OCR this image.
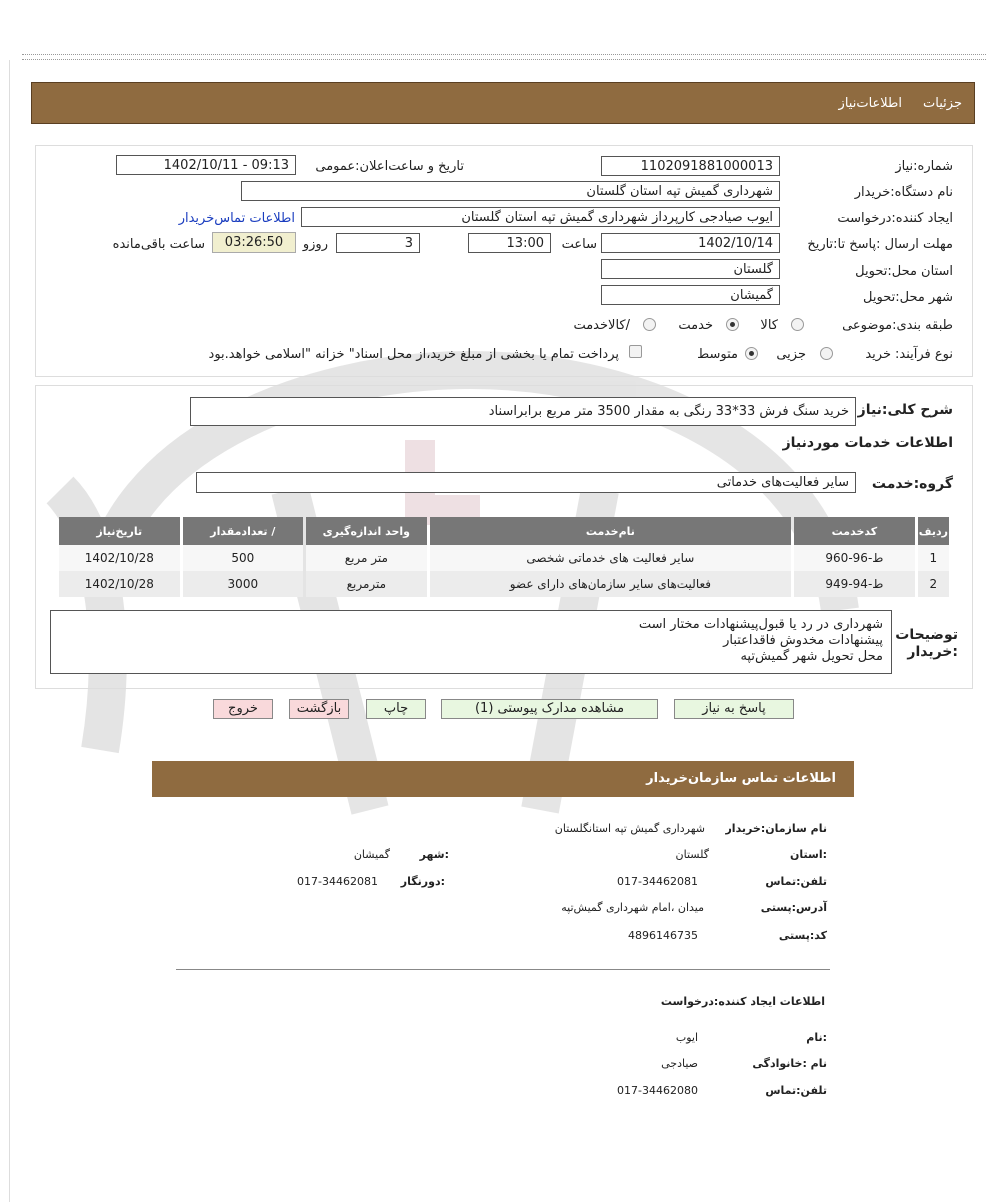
جزئیات
اطلاعات‌نیاز
شماره:نیاز
1102091881000013
تاریخ و ساعت‌اعلان:عمومی
1402/10/11 - 09:13
نام دستگاه:خریدار
شهرداری گمیش تپه استان گلستان
ایجاد کننده:درخواست
ایوب صیادجی کارپرداز شهرداری گمیش تپه استان گلستان
اطلاعات تماس‌خریدار
مهلت ارسال :پاسخ تا:تاریخ
1402/10/14
ساعت
13:00
3
روزو
03:26:50
ساعت باقی‌مانده
استان محل:تحویل
گلستان
شهر محل:تحویل
گمیشان
طبقه بندی:موضوعی
کالا
خدمت
/کالاخدمت
نوع فرآیند:
خرید
جزیی
متوسط
پرداخت تمام یا بخشی از مبلغ خرید،از محل اسناد" خزانه "اسلامی خواهد.بود
شرح کلی:نیاز
خرید سنگ فرش 33*33 رنگی به مقدار 3500 متر مربع برابراسناد
اطلاعات خدمات موردنیاز
گروه:خدمت
سایر فعالیت‌های خدماتی
ردیف	کدخدمت	نام‌خدمت	واحد اندازه‌گیری	/ تعدادمقدار	تاریخ‌نیاز
1	ط-96-960	سایر فعالیت های خدماتی شخصی	متر مربع	500	1402/10/28
2	ط-94-949	فعالیت‌های سایر سازمان‌های دارای عضو	مترمربع	3000	1402/10/28
توضیحات :خریدار
شهرداری در رد یا قبول‌پیشنهادات مختار است
پیشنهادات مخدوش فاقداعتبار
محل تحویل شهر گمیش‌تپه
پاسخ به نیاز
مشاهده مدارک پیوستی (1)
چاپ
بازگشت
خروج
اطلاعات تماس سازمان‌خریدار
نام سازمان:خریدار
شهرداری گمیش تپه استانگلستان
:استان
گلستان
:شهر
گمیشان
تلفن:تماس
017-34462081
:دورنگار
017-34462081
آدرس:پستی
میدان ،امام شهرداری گمیش‌تپه
کد:پستی
4896146735
اطلاعات ایجاد کننده:درخواست
:نام
ایوب
نام :خانوادگی
صیادجی
تلفن:تماس
017-34462080
